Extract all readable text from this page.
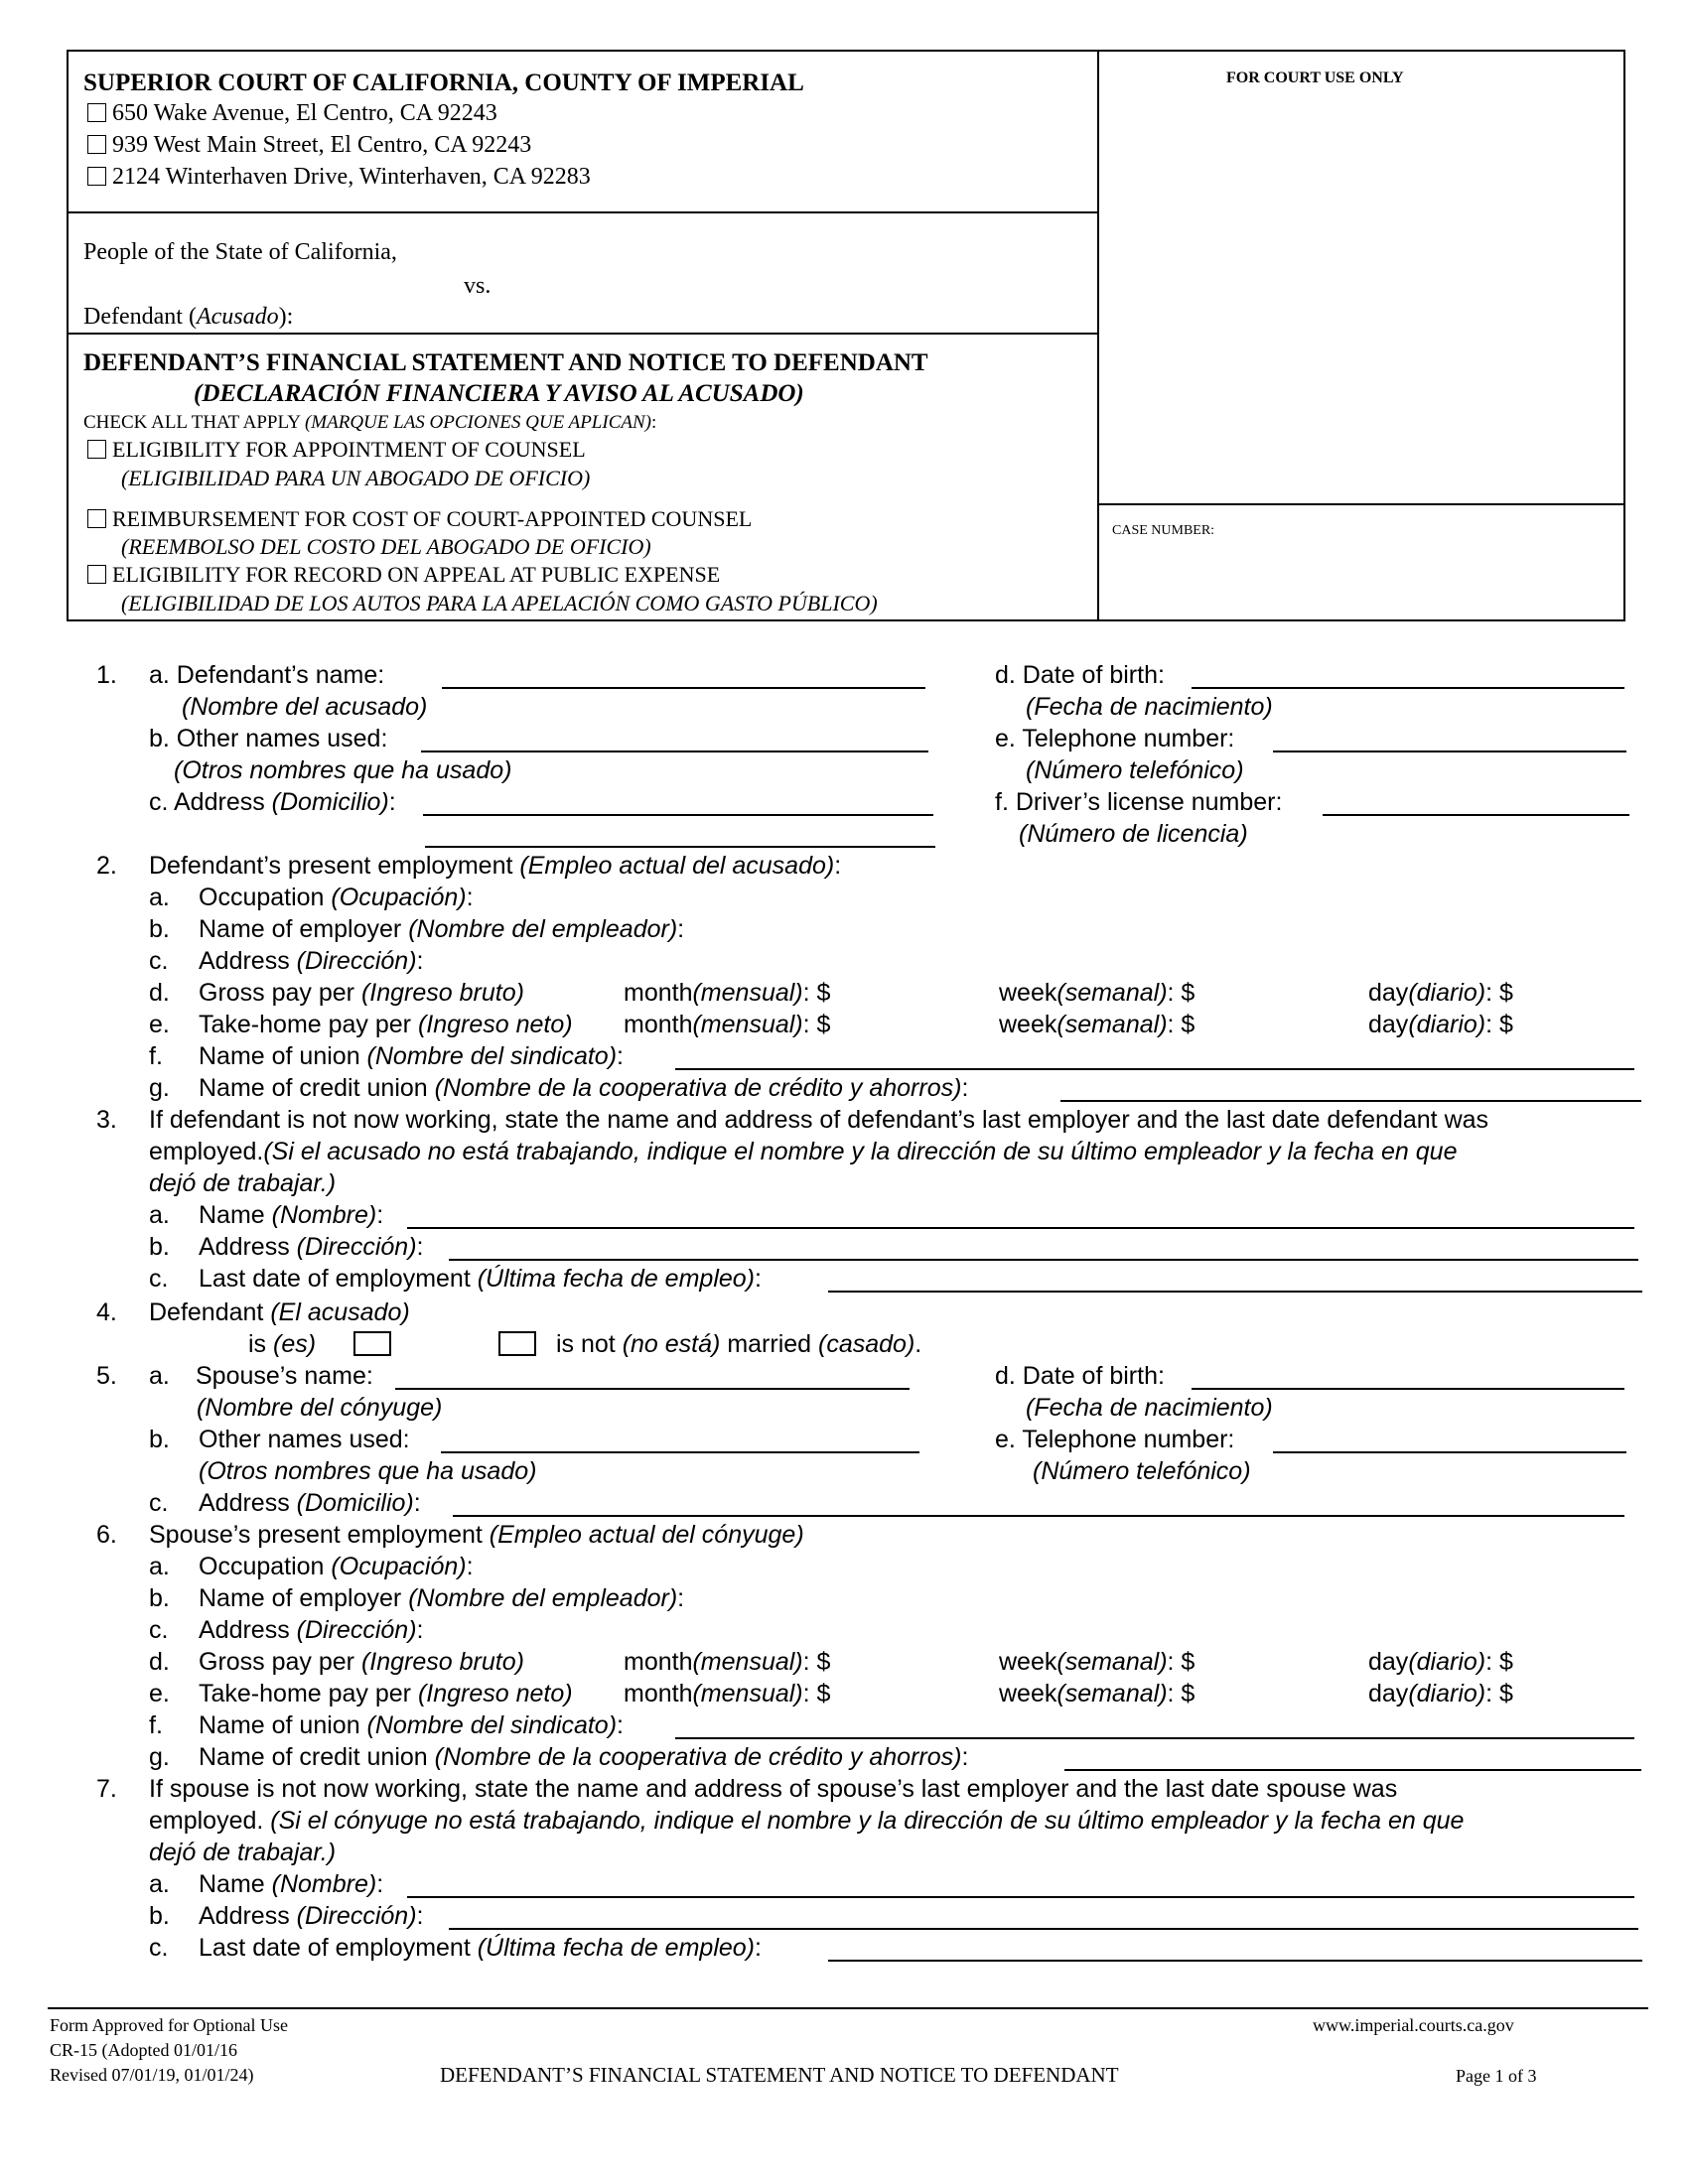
SUPERIOR COURT OF CALIFORNIA, COUNTY OF IMPERIAL
650 Wake Avenue, El Centro, CA 92243
939 West Main Street, El Centro, CA 92243
2124 Winterhaven Drive, Winterhaven, CA 92283
FOR COURT USE ONLY
People of the State of California,
vs.
Defendant (Acusado):
DEFENDANT’S FINANCIAL STATEMENT AND NOTICE TO DEFENDANT
(DECLARACIÓN FINANCIERA Y AVISO AL ACUSADO)
CHECK ALL THAT APPLY (MARQUE LAS OPCIONES QUE APLICAN):
ELIGIBILITY FOR APPOINTMENT OF COUNSEL
(ELIGIBILIDAD PARA UN ABOGADO DE OFICIO)
REIMBURSEMENT FOR COST OF COURT-APPOINTED COUNSEL
(REEMBOLSO DEL COSTO DEL ABOGADO DE OFICIO)
ELIGIBILITY FOR RECORD ON APPEAL AT PUBLIC EXPENSE
(ELIGIBILIDAD DE LOS AUTOS PARA LA APELACIÓN COMO GASTO PÚBLICO)
CASE NUMBER:
1. a. Defendant’s name:
(Nombre del acusado)
b. Other names used:
(Otros nombres que ha usado)
c. Address (Domicilio):
d. Date of birth:
(Fecha de nacimiento)
e. Telephone number:
(Número telefónico)
f. Driver’s license number:
(Número de licencia)
2. Defendant’s present employment (Empleo actual del acusado):
a. Occupation (Ocupación):
b. Name of employer (Nombre del empleador):
c. Address (Dirección):
d. Gross pay per (Ingreso bruto)	month(mensual): $	week(semanal): $	day(diario): $
e. Take-home pay per (Ingreso neto) month(mensual): $	week(semanal): $	day(diario): $
f. Name of union (Nombre del sindicato):
g. Name of credit union (Nombre de la cooperativa de crédito y ahorros):
3. If defendant is not now working, state the name and address of defendant’s last employer and the last date defendant was
employed.(Si el acusado no está trabajando, indique el nombre y la dirección de su último empleador y la fecha en que
dejó de trabajar.)
a. Name (Nombre):
b. Address (Dirección):
c. Last date of employment (Última fecha de empleo):
4. Defendant (El acusado)
is (es)	is not (no está) married (casado).
5. a. Spouse’s name:
(Nombre del cónyuge)
b. Other names used:
(Otros nombres que ha usado)
c. Address (Domicilio):
d. Date of birth:
(Fecha de nacimiento)
e. Telephone number:
(Número telefónico)
6. Spouse’s present employment (Empleo actual del cónyuge)
a. Occupation (Ocupación):
b. Name of employer (Nombre del empleador):
c. Address (Dirección):
d. Gross pay per (Ingreso bruto)	month(mensual): $	week(semanal): $	day(diario): $
e. Take-home pay per (Ingreso neto) month(mensual): $	week(semanal): $	day(diario): $
f. Name of union (Nombre del sindicato):
g. Name of credit union (Nombre de la cooperativa de crédito y ahorros):
7. If spouse is not now working, state the name and address of spouse’s last employer and the last date spouse was
employed. (Si el cónyuge no está trabajando, indique el nombre y la dirección de su último empleador y la fecha en que
dejó de trabajar.)
a. Name (Nombre):
b. Address (Dirección):
c. Last date of employment (Última fecha de empleo):
Form Approved for Optional Use
CR-15 (Adopted 01/01/16
Revised 07/01/19, 01/01/24)	DEFENDANT’S FINANCIAL STATEMENT AND NOTICE TO DEFENDANT
www.imperial.courts.ca.gov
Page 1 of 3
